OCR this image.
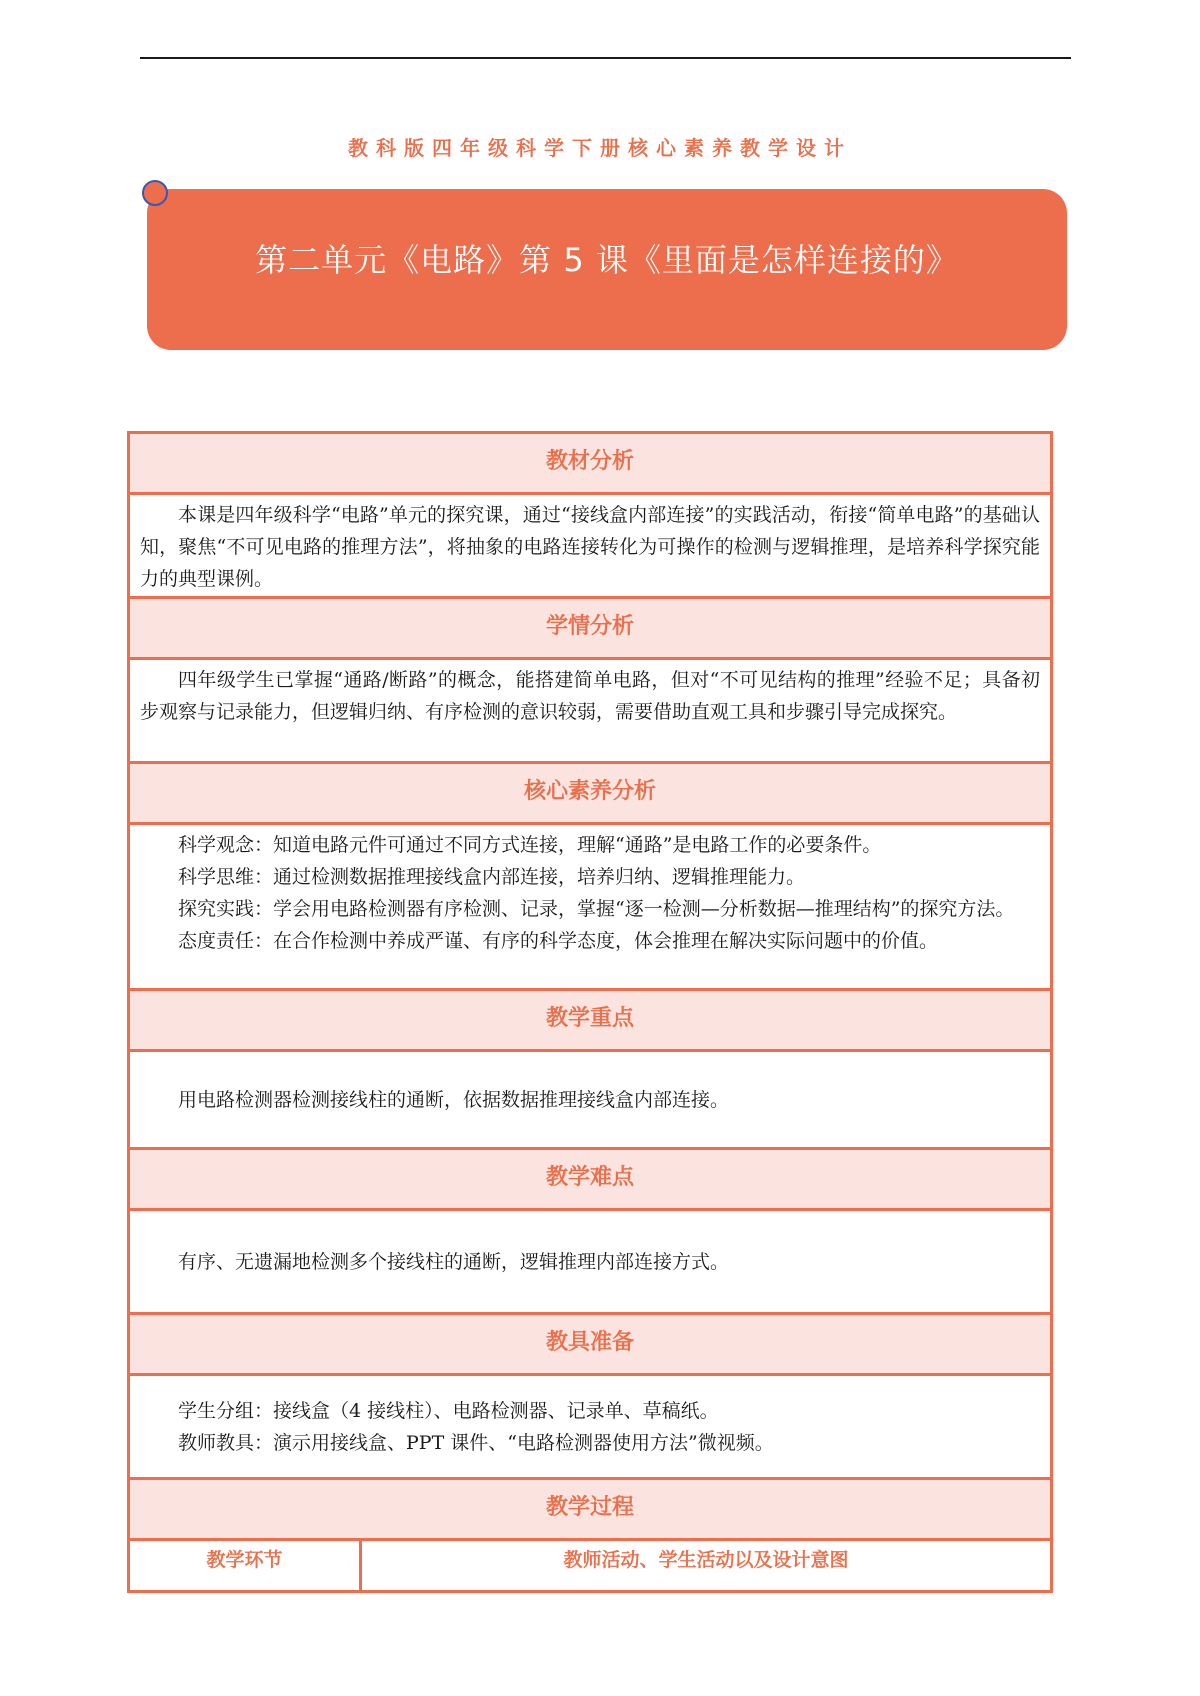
教科版四年级科学下册核心素养教学设计
第二单元《电路》第 5 课《里面是怎样连接的》
教材分析

本课是四年级科学“电路”单元的探究课，通过“接线盒内部连接”的实践活动，衔接“简单电路”的基础认知，聚焦“不可见电路的推理方法”，将抽象的电路连接转化为可操作的检测与逻辑推理，是培养科学探究能力的典型课例。

学情分析

四年级学生已掌握“通路/断路”的概念，能搭建简单电路，但对“不可见结构的推理”经验不足；具备初步观察与记录能力，但逻辑归纳、有序检测的意识较弱，需要借助直观工具和步骤引导完成探究。

核心素养分析

科学观念：知道电路元件可通过不同方式连接，理解“通路”是电路工作的必要条件。

科学思维：通过检测数据推理接线盒内部连接，培养归纳、逻辑推理能力。

探究实践：学会用电路检测器有序检测、记录，掌握“逐一检测—分析数据—推理结构”的探究方法。

态度责任：在合作检测中养成严谨、有序的科学态度，体会推理在解决实际问题中的价值。

教学重点

用电路检测器检测接线柱的通断，依据数据推理接线盒内部连接。

教学难点

有序、无遗漏地检测多个接线柱的通断，逻辑推理内部连接方式。

教具准备

学生分组：接线盒（4 接线柱）、电路检测器、记录单、草稿纸。

教师教具：演示用接线盒、PPT 课件、“电路检测器使用方法”微视频。

教学过程
教学环节	教师活动、学生活动以及设计意图
